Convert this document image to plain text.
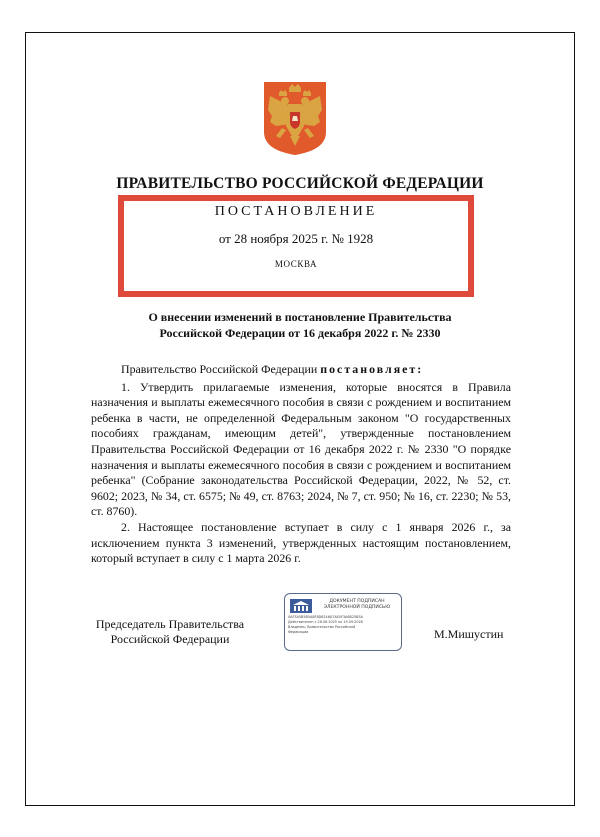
ПРАВИТЕЛЬСТВО РОССИЙСКОЙ ФЕДЕРАЦИИ
ПОСТАНОВЛЕНИЕ
от 28 ноября 2025 г. № 1928
МОСКВА
О внесении изменений в постановление Правительства
Российской Федерации от 16 декабря 2022 г. № 2330

Правительство Российской Федерации постановляет:

1. Утвердить прилагаемые изменения, которые вносятся в Правила назначения и выплаты ежемесячного пособия в связи с рождением и воспитанием ребенка в части, не определенной Федеральным законом "О государственных пособиях гражданам, имеющим детей", утвержденные постановлением Правительства Российской Федерации от 16 декабря 2022 г. № 2330 "О порядке назначения и выплаты ежемесячного пособия в связи с рождением и воспитанием ребенка" (Собрание законодательства Российской Федерации, 2022, № 52, ст. 9602; 2023, № 34, ст. 6575; № 49, ст. 8763; 2024, № 7, ст. 950; № 16, ст. 2230; № 53, ст. 8760).

2. Настоящее постановление вступает в силу с 1 января 2026 г., за исключением пункта 3 изменений, утвержденных настоящим постановлением, который вступает в силу с 1 марта 2026 г.

Председатель Правительства
Российской Федерации
ДОКУМЕНТ ПОДПИСАН
ЭЛЕКТРОННОЙ ПОДПИСЬЮ
0AF3A5B5B5A8F8D6246A7AE0F3A6B25B5A
Действителен с 26.06.2025 по 19.09.2026
Владелец Правительство Российской
Федерации	М.Мишустин
